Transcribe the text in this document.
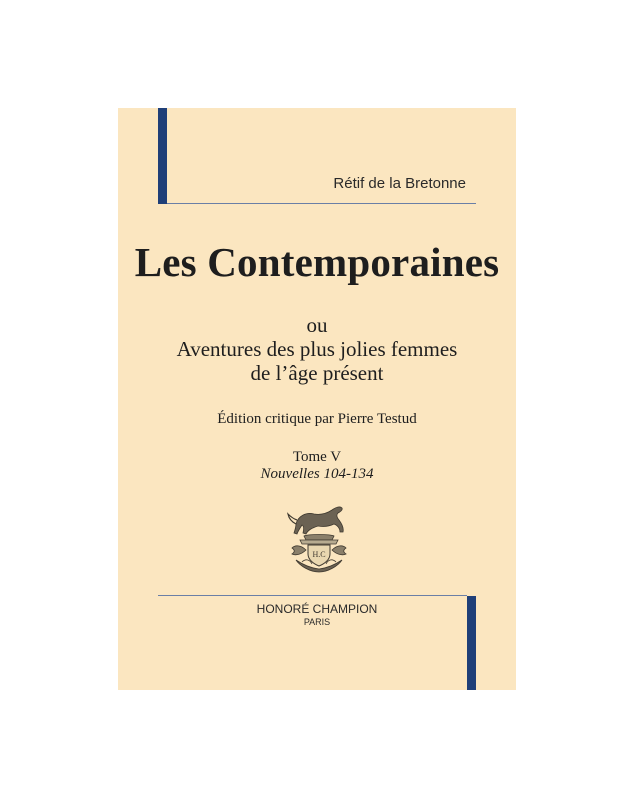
Rétif de la Bretonne

Les Contemporaines

ou

Aventures des plus jolies femmes

de l’âge présent

Édition critique par Pierre Testud

Tome V

Nouvelles 104-134

H.C

HONORÉ CHAMPION

PARIS
